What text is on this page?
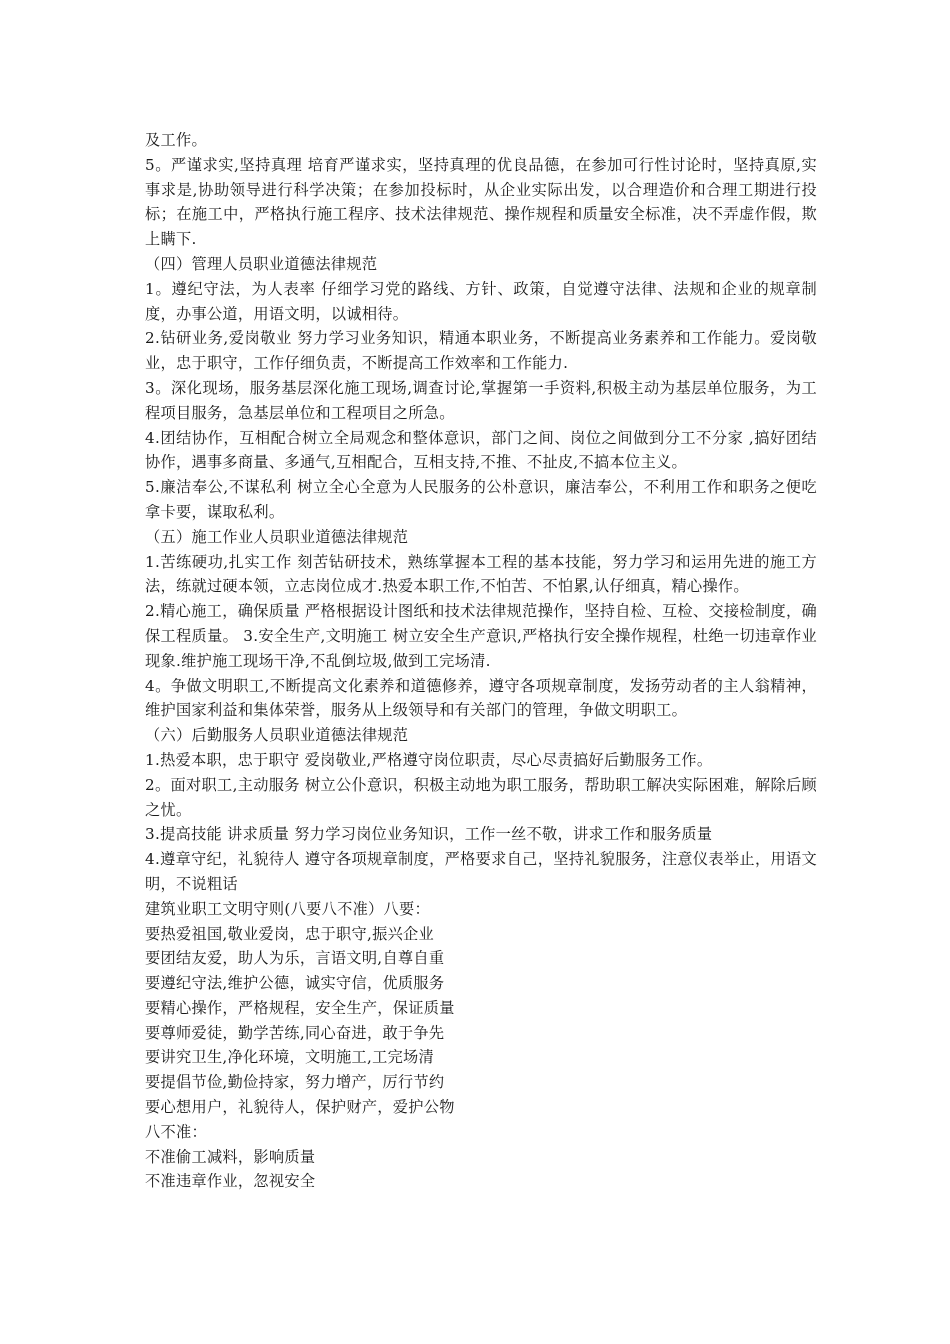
及工作。

5。严谨求实,坚持真理 培育严谨求实，坚持真理的优良品德，在参加可行性讨论时，坚持真原,实事求是,协助领导进行科学决策；在参加投标时，从企业实际出发，以合理造价和合理工期进行投标；在施工中，严格执行施工程序、技术法律规范、操作规程和质量安全标准，决不弄虚作假，欺上瞒下.

（四）管理人员职业道德法律规范

1。遵纪守法，为人表率 仔细学习党的路线、方针、政策，自觉遵守法律、法规和企业的规章制度，办事公道，用语文明，以诚相待。

2.钻研业务,爱岗敬业 努力学习业务知识，精通本职业务，不断提高业务素养和工作能力。爱岗敬业，忠于职守，工作仔细负责，不断提高工作效率和工作能力.

3。深化现场，服务基层深化施工现场,调查讨论,掌握第一手资料,积极主动为基层单位服务，为工程项目服务，急基层单位和工程项目之所急。

4.团结协作，互相配合树立全局观念和整体意识，部门之间、岗位之间做到分工不分家 ,搞好团结协作，遇事多商量、多通气,互相配合，互相支持,不推、不扯皮,不搞本位主义。

5.廉洁奉公,不谋私利 树立全心全意为人民服务的公朴意识，廉洁奉公，不利用工作和职务之便吃拿卡要，谋取私利。

（五）施工作业人员职业道德法律规范

1.苦练硬功,扎实工作 刻苦钻研技术，熟练掌握本工程的基本技能，努力学习和运用先进的施工方法，练就过硬本领，立志岗位成才.热爱本职工作,不怕苦、不怕累,认仔细真，精心操作。

2.精心施工，确保质量 严格根据设计图纸和技术法律规范操作，坚持自检、互检、交接检制度，确保工程质量。 3.安全生产,文明施工 树立安全生产意识,严格执行安全操作规程，杜绝一切违章作业现象.维护施工现场干净,不乱倒垃圾,做到工完场清.

4。争做文明职工,不断提高文化素养和道德修养，遵守各项规章制度，发扬劳动者的主人翁精神，维护国家利益和集体荣誉，服务从上级领导和有关部门的管理，争做文明职工。

（六）后勤服务人员职业道德法律规范

1.热爱本职，忠于职守 爱岗敬业,严格遵守岗位职责，尽心尽责搞好后勤服务工作。

2。面对职工,主动服务 树立公仆意识，积极主动地为职工服务，帮助职工解决实际困难，解除后顾之忧。

3.提高技能 讲求质量 努力学习岗位业务知识，工作一丝不敬，讲求工作和服务质量

4.遵章守纪，礼貌待人 遵守各项规章制度，严格要求自己，坚持礼貌服务，注意仪表举止，用语文明，不说粗话

建筑业职工文明守则(八要八不准）八要：

要热爱祖国,敬业爱岗，忠于职守,振兴企业

要团结友爱，助人为乐，言语文明,自尊自重

要遵纪守法,维护公德，诚实守信，优质服务

要精心操作，严格规程，安全生产，保证质量

要尊师爱徒，勤学苦练,同心奋进，敢于争先

要讲究卫生,净化环境，文明施工,工完场清

要提倡节俭,勤俭持家，努力增产，厉行节约

要心想用户，礼貌待人，保护财产，爱护公物

八不准：

不准偷工减料，影响质量

不准违章作业，忽视安全
